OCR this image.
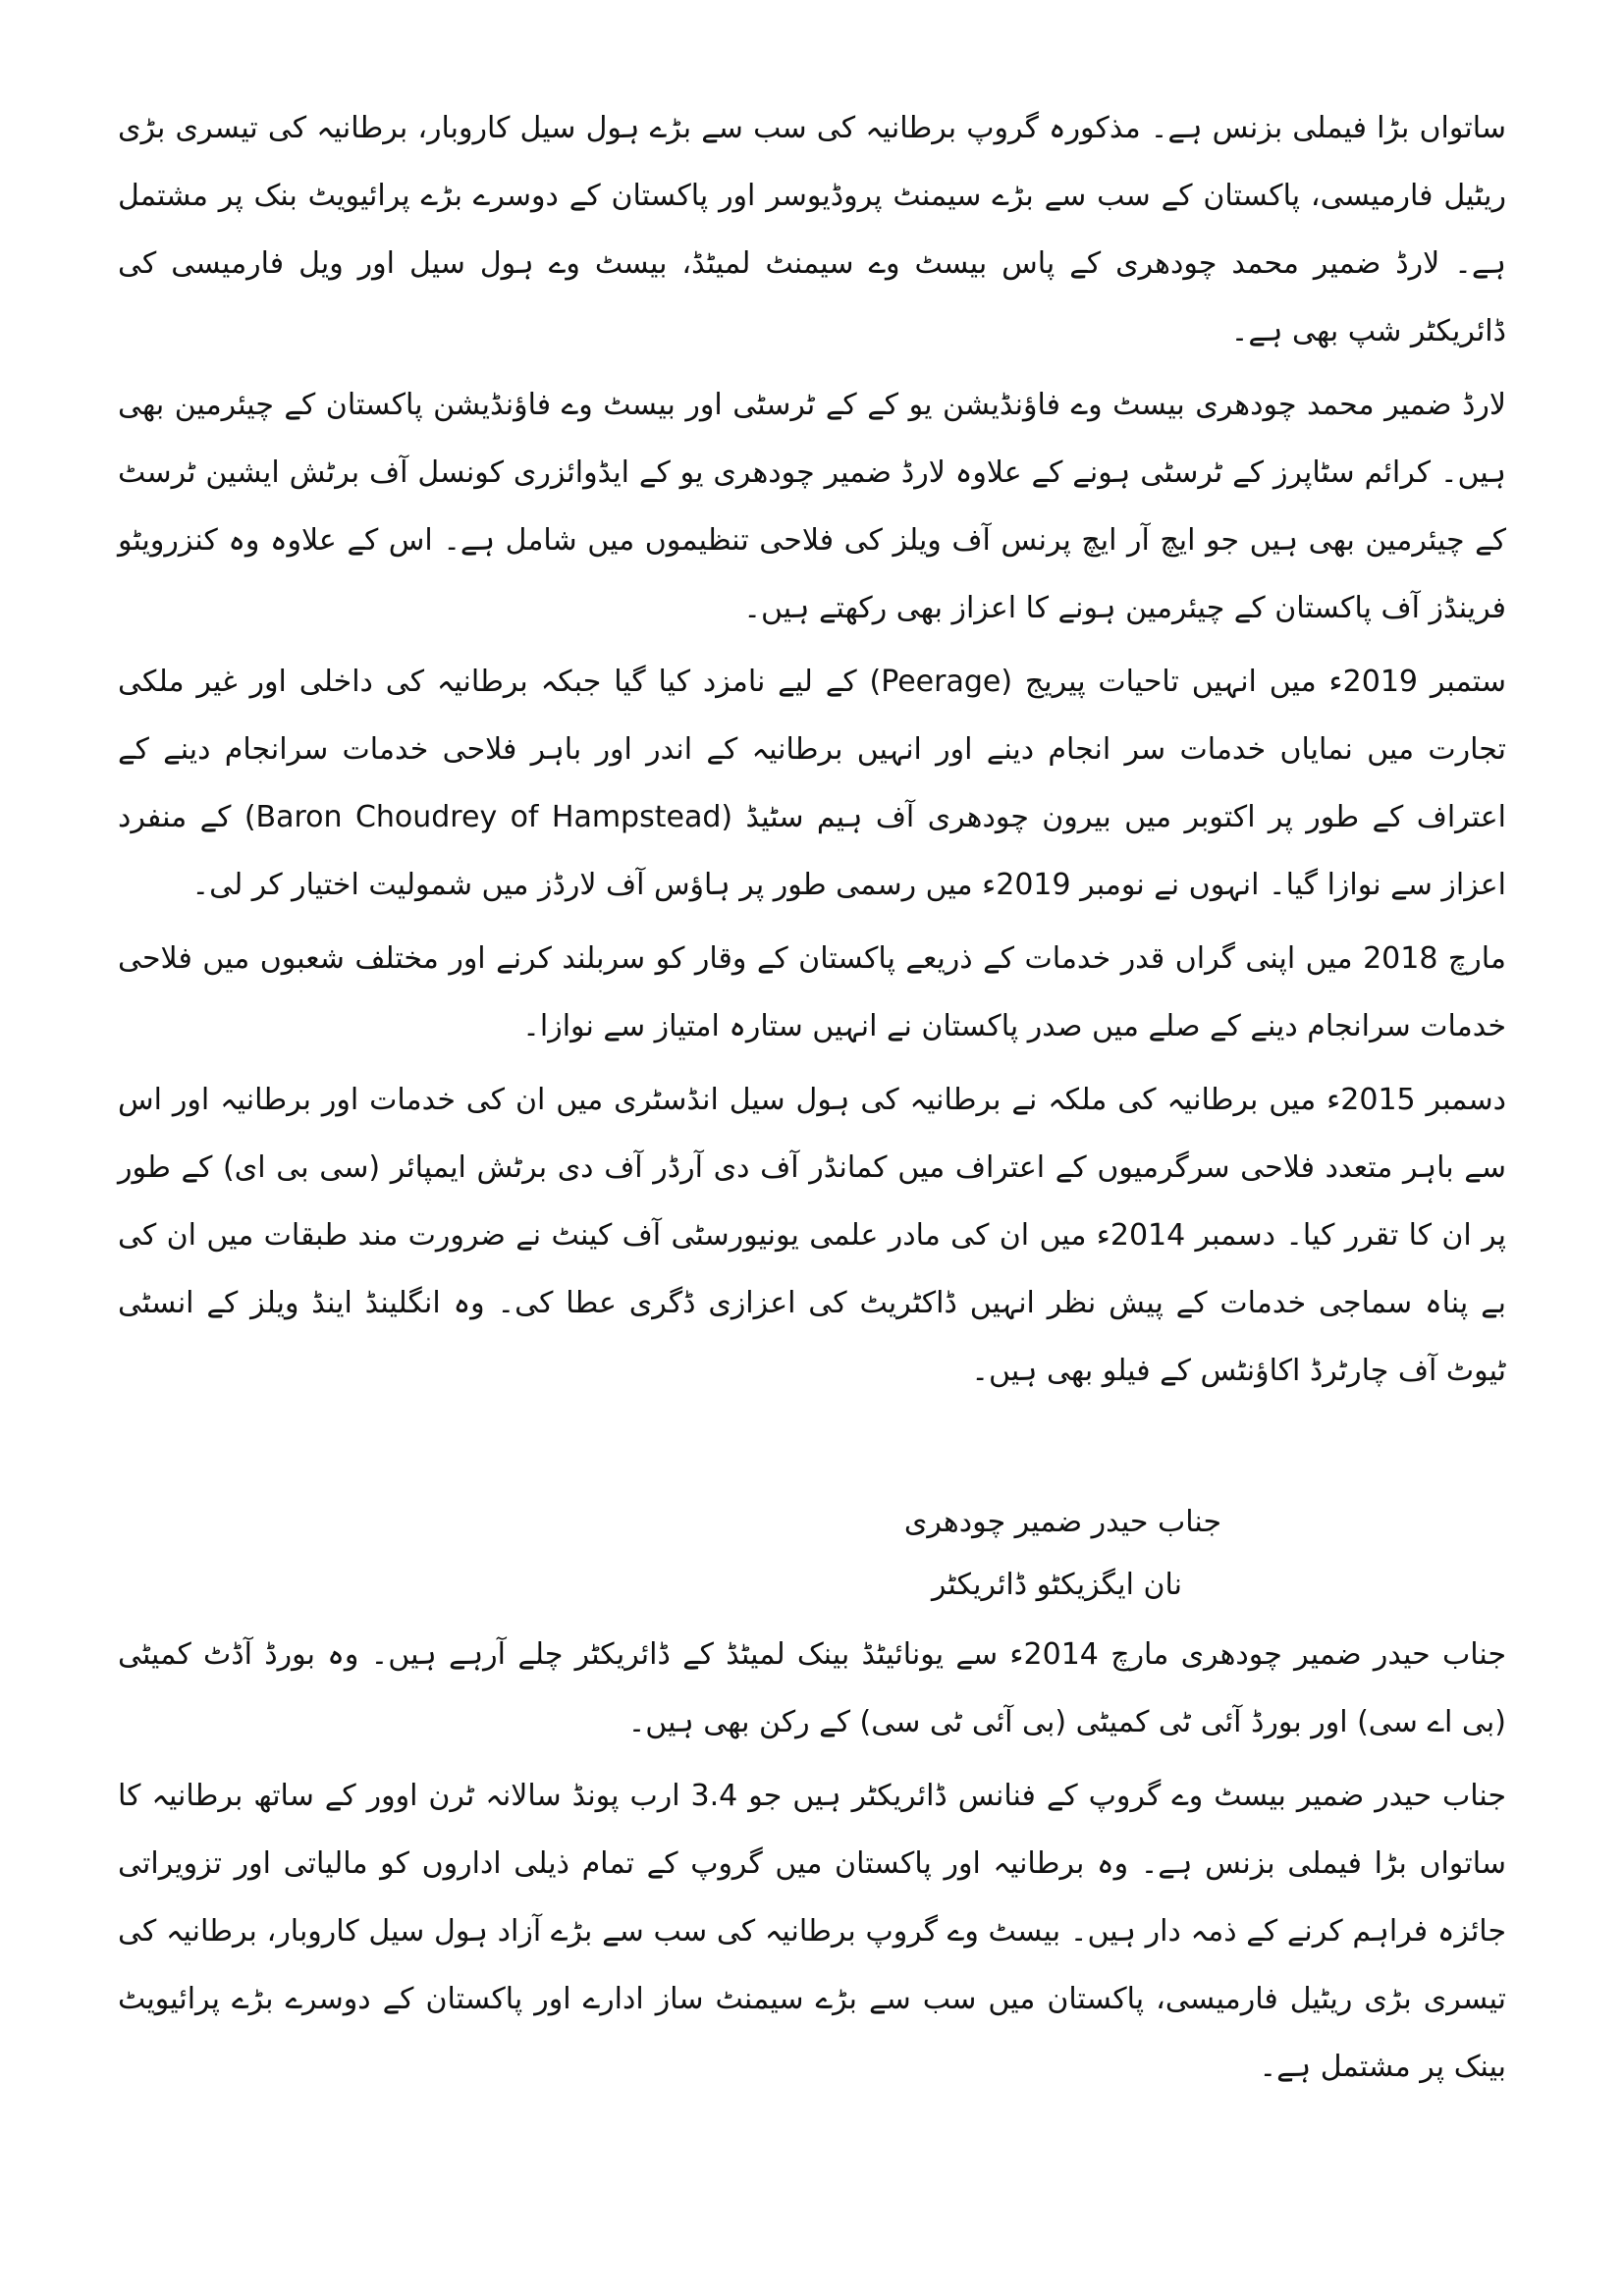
ساتواں بڑا فیملی بزنس ہے۔ مذکورہ گروپ برطانیہ کی سب سے بڑے ہول سیل کاروبار، برطانیہ کی تیسری بڑی ریٹیل فارمیسی، پاکستان کے سب سے بڑے سیمنٹ پروڈیوسر اور پاکستان کے دوسرے بڑے پرائیویٹ بنک پر مشتمل ہے۔ لارڈ ضمیر محمد چودھری کے پاس بیسٹ وے سیمنٹ لمیٹڈ، بیسٹ وے ہول سیل اور ویل فارمیسی کی ڈائریکٹر شپ بھی ہے۔

لارڈ ضمیر محمد چودھری بیسٹ وے فاؤنڈیشن یو کے کے ٹرسٹی اور بیسٹ وے فاؤنڈیشن پاکستان کے چیئرمین بھی ہیں۔ کرائم سٹاپرز کے ٹرسٹی ہونے کے علاوہ لارڈ ضمیر چودھری یو کے ایڈوائزری کونسل آف برٹش ایشین ٹرسٹ کے چیئرمین بھی ہیں جو ایچ آر ایچ پرنس آف ویلز کی فلاحی تنظیموں میں شامل ہے۔ اس کے علاوہ وہ کنزرویٹو فرینڈز آف پاکستان کے چیئرمین ہونے کا اعزاز بھی رکھتے ہیں۔

ستمبر 2019ء میں انہیں تاحیات پیریج (Peerage) کے لیے نامزد کیا گیا جبکہ برطانیہ کی داخلی اور غیر ملکی تجارت میں نمایاں خدمات سر انجام دینے اور انہیں برطانیہ کے اندر اور باہر فلاحی خدمات سرانجام دینے کے اعتراف کے طور پر اکتوبر میں بیرون چودھری آف ہیم سٹیڈ (Baron Choudrey of Hampstead) کے منفرد اعزاز سے نوازا گیا۔ انہوں نے نومبر 2019ء میں رسمی طور پر ہاؤس آف لارڈز میں شمولیت اختیار کر لی۔

مارچ 2018 میں اپنی گراں قدر خدمات کے ذریعے پاکستان کے وقار کو سربلند کرنے اور مختلف شعبوں میں فلاحی خدمات سرانجام دینے کے صلے میں صدر پاکستان نے انہیں ستارہ امتیاز سے نوازا۔

دسمبر 2015ء میں برطانیہ کی ملکہ نے برطانیہ کی ہول سیل انڈسٹری میں ان کی خدمات اور برطانیہ اور اس سے باہر متعدد فلاحی سرگرمیوں کے اعتراف میں کمانڈر آف دی آرڈر آف دی برٹش ایمپائر (سی بی ای) کے طور پر ان کا تقرر کیا۔ دسمبر 2014ء میں ان کی مادر علمی یونیورسٹی آف کینٹ نے ضرورت مند طبقات میں ان کی بے پناہ سماجی خدمات کے پیش نظر انہیں ڈاکٹریٹ کی اعزازی ڈگری عطا کی۔ وہ انگلینڈ اینڈ ویلز کے انسٹی ٹیوٹ آف چارٹرڈ اکاؤنٹس کے فیلو بھی ہیں۔

جناب حیدر ضمیر چودھری
نان ایگزیکٹو ڈائریکٹر

جناب حیدر ضمیر چودھری مارچ 2014ء سے یونائیٹڈ بینک لمیٹڈ کے ڈائریکٹر چلے آرہے ہیں۔ وہ بورڈ آڈٹ کمیٹی (بی اے سی) اور بورڈ آئی ٹی کمیٹی (بی آئی ٹی سی) کے رکن بھی ہیں۔

جناب حیدر ضمیر بیسٹ وے گروپ کے فنانس ڈائریکٹر ہیں جو 3.4 ارب پونڈ سالانہ ٹرن اوور کے ساتھ برطانیہ کا ساتواں بڑا فیملی بزنس ہے۔ وہ برطانیہ اور پاکستان میں گروپ کے تمام ذیلی اداروں کو مالیاتی اور تزویراتی جائزہ فراہم کرنے کے ذمہ دار ہیں۔ بیسٹ وے گروپ برطانیہ کی سب سے بڑے آزاد ہول سیل کاروبار، برطانیہ کی تیسری بڑی ریٹیل فارمیسی، پاکستان میں سب سے بڑے سیمنٹ ساز ادارے اور پاکستان کے دوسرے بڑے پرائیویٹ بینک پر مشتمل ہے۔
